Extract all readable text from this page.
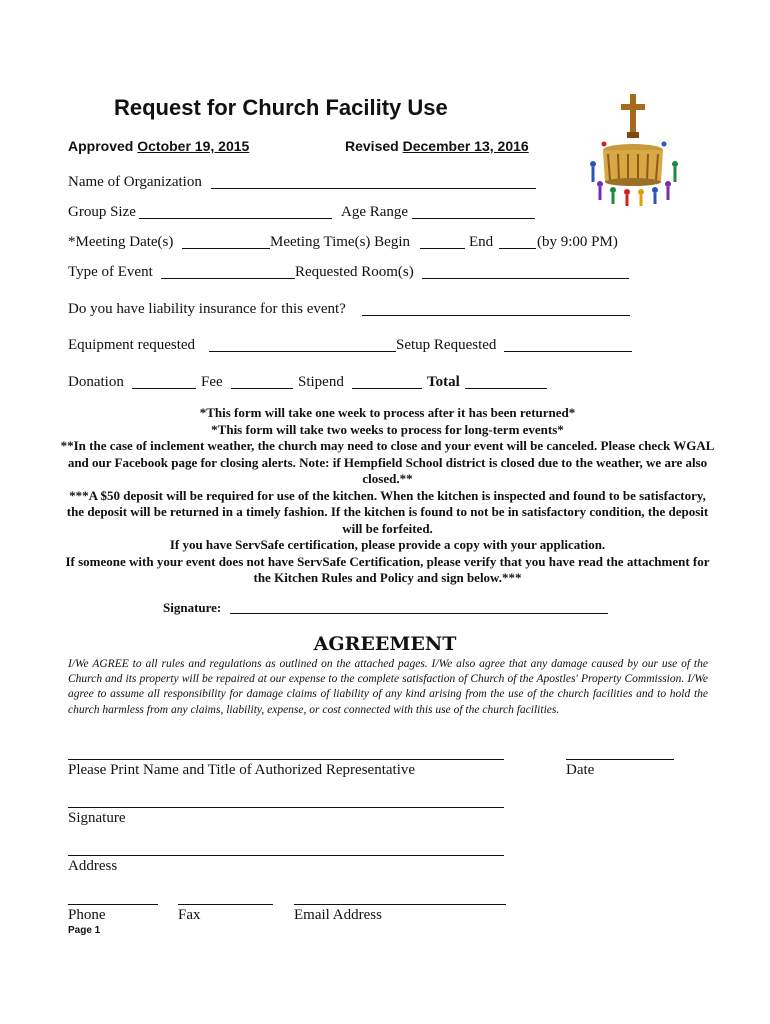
Request for Church Facility Use
Approved October 19, 2015	Revised December 13, 2016
Name of Organization
Group Size	Age Range
*Meeting Date(s)	Meeting Time(s) Begin	End	(by 9:00 PM)
Type of Event	Requested Room(s)
Do you have liability insurance for this event?
Equipment requested	Setup Requested
Donation	Fee	Stipend	Total
*This form will take one week to process after it has been returned*
*This form will take two weeks to process for long-term events*
**In the case of inclement weather, the church may need to close and your event will be canceled. Please check WGAL and our Facebook page for closing alerts. Note: if Hempfield School district is closed due to the weather, we are also closed.**
***A $50 deposit will be required for use of the kitchen. When the kitchen is inspected and found to be satisfactory, the deposit will be returned in a timely fashion. If the kitchen is found to not be in satisfactory condition, the deposit will be forfeited.
If you have ServSafe certification, please provide a copy with your application.
If someone with your event does not have ServSafe Certification, please verify that you have read the attachment for the Kitchen Rules and Policy and sign below.***
Signature:
AGREEMENT
I/We AGREE to all rules and regulations as outlined on the attached pages. I/We also agree that any damage caused by our use of the Church and its property will be repaired at our expense to the complete satisfaction of Church of the Apostles' Property Commission. I/We agree to assume all responsibility for damage claims of liability of any kind arising from the use of the church facilities and to hold the church harmless from any claims, liability, expense, or cost connected with this use of the church facilities.
Please Print Name and Title of Authorized Representative	Date
Signature
Address
Phone	Fax	Email Address
Page 1
